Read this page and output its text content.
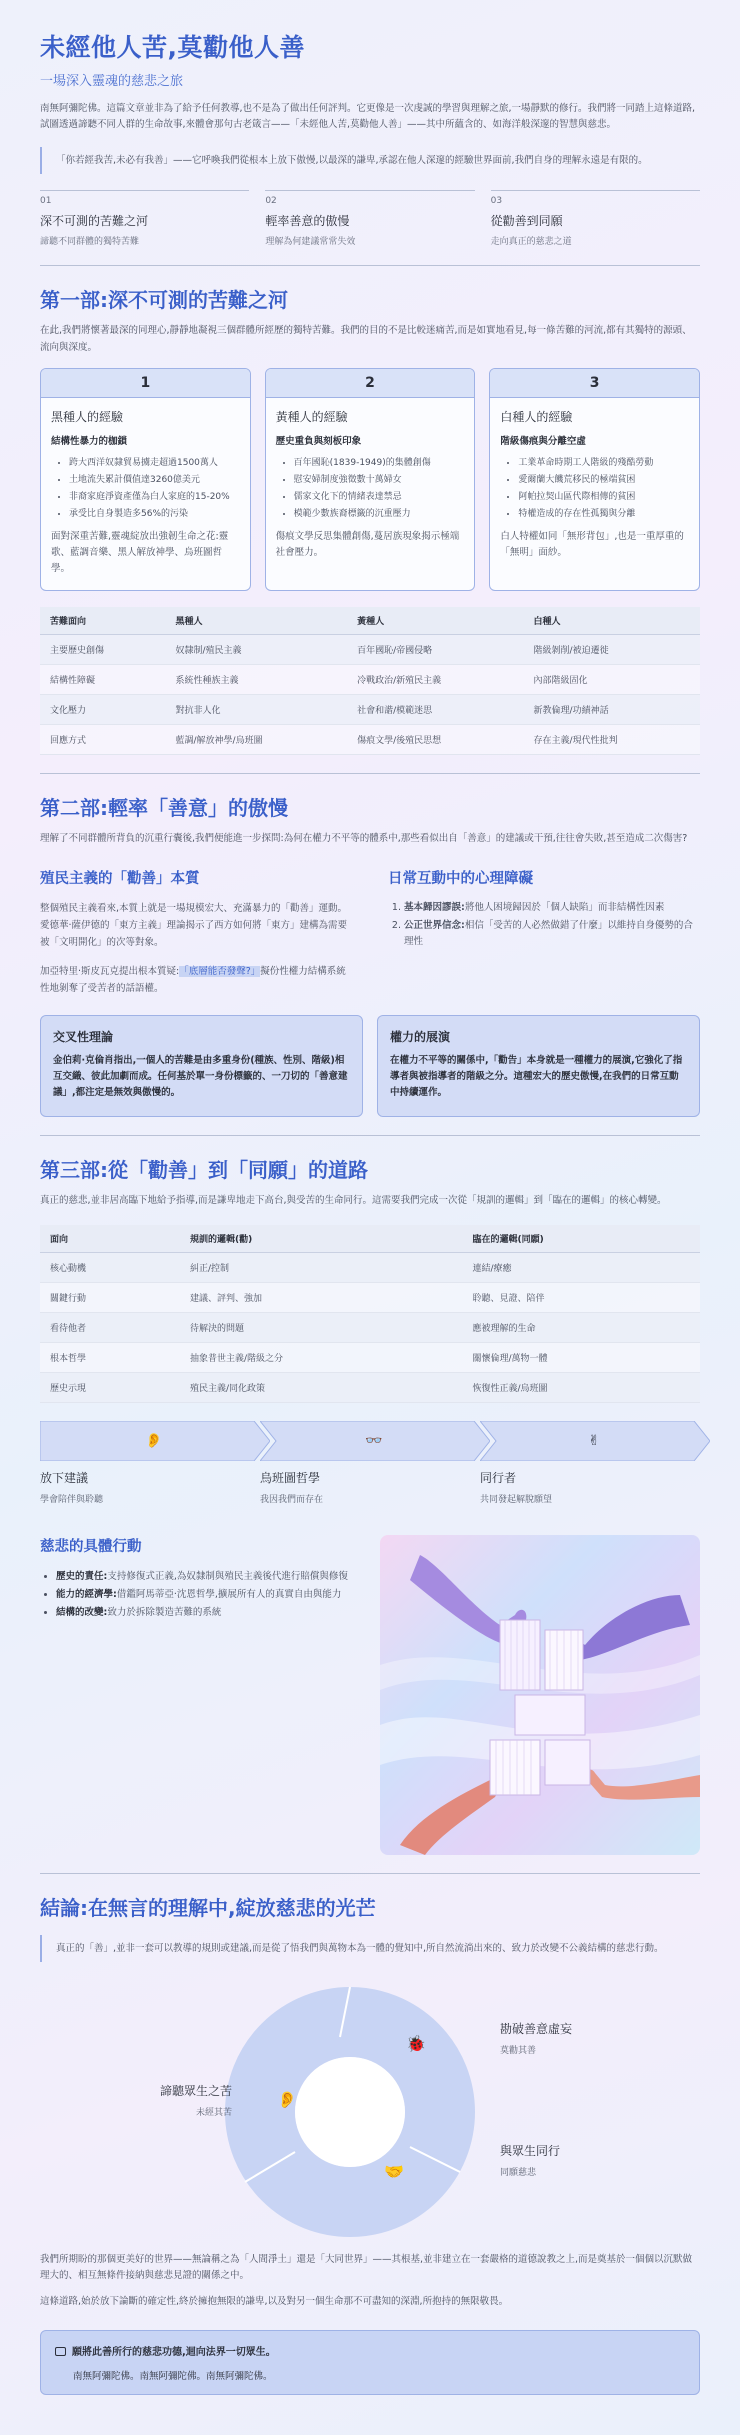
未經他人苦,莫勸他人善
一場深入靈魂的慈悲之旅

南無阿彌陀佛。這篇文章並非為了給予任何教導,也不是為了做出任何評判。它更像是一次虔誠的學習與理解之旅,一場靜默的修行。我們將一同踏上這條道路,試圖透過諦聽不同人群的生命故事,來體會那句古老箴言——「未經他人苦,莫勸他人善」——其中所蘊含的、如海洋般深邃的智慧與慈悲。

「你若經我苦,未必有我善」——它呼喚我們從根本上放下傲慢,以最深的謙卑,承認在他人深邃的經驗世界面前,我們自身的理解永遠是有限的。
01
深不可測的苦難之河
諦聽不同群體的獨特苦難
02
輕率善意的傲慢
理解為何建議常常失效
03
從勸善到同願
走向真正的慈悲之道
第一部:深不可測的苦難之河

在此,我們將懷著最深的同理心,靜靜地凝視三個群體所經歷的獨特苦難。我們的目的不是比較迷痛苦,而是如實地看見,每一條苦難的河流,都有其獨特的源頭、流向與深度。

1
黑種人的經驗
結構性暴力的枷鎖
• 跨大西洋奴隸貿易擄走超過1500萬人
• 土地流失累計價值達3260億美元
• 非裔家庭淨資產僅為白人家庭的15-20%
• 承受比自身製造多56%的污染
面對深重苦難,靈魂綻放出強韌生命之花:靈歌、藍調音樂、黑人解放神學、烏班圖哲學。
2
黃種人的經驗
歷史重負與刻板印象
• 百年國恥(1839-1949)的集體創傷
• 慰安婦制度強徵數十萬婦女
• 儒家文化下的情緒表達禁忌
• 模範少數族裔標籤的沉重壓力
傷痕文學反思集體創傷,蔓居族現象揭示極端社會壓力。
3
白種人的經驗
階級傷痕與分離空虛
• 工業革命時期工人階級的殘酷勞動
• 愛爾蘭大饑荒移民的極端貧困
• 阿帕拉契山區代際相傳的貧困
• 特權造成的存在性孤獨與分離
白人特權如同「無形背包」,也是一重厚重的「無明」面紗。
苦難面向	黑種人	黃種人	白種人
主要歷史創傷	奴隸制/殖民主義	百年國恥/帝國侵略	階級剝削/被迫遷徙
結構性障礙	系統性種族主義	冷戰政治/新殖民主義	內部階級固化
文化壓力	對抗非人化	社會和諧/模範迷思	新教倫理/功績神話
回應方式	藍調/解放神學/烏班圖	傷痕文學/後殖民思想	存在主義/現代性批判
第二部:輕率「善意」的傲慢

理解了不同群體所背負的沉重行囊後,我們便能進一步探問:為何在權力不平等的體系中,那些看似出自「善意」的建議或干預,往往會失敗,甚至造成二次傷害?

殖民主義的「勸善」本質

整個殖民主義看來,本質上就是一場規模宏大、充滿暴力的「勸善」運動。愛德華·薩伊德的「東方主義」理論揭示了西方如何將「東方」建構為需要被「文明開化」的次等對象。

加亞特里·斯皮瓦克提出根本質疑:「底層能否發聲?」擬份性權力結構系統性地剝奪了受苦者的話語權。

日常互動中的心理障礙
1. 基本歸因謬誤:將他人困境歸因於「個人缺陷」而非結構性因素
2. 公正世界信念:相信「受苦的人必然做錯了什麼」以維持自身優勢的合理性
交叉性理論
金伯莉·克倫肖指出,一個人的苦難是由多重身份(種族、性別、階級)相互交織、彼此加劇而成。任何基於單一身份標籤的、一刀切的「善意建議」,都注定是無效與傲慢的。
權力的展演
在權力不平等的關係中,「勸告」本身就是一種權力的展演,它強化了指導者與被指導者的階級之分。這種宏大的歷史傲慢,在我們的日常互動中持續運作。
第三部:從「勸善」到「同願」的道路

真正的慈悲,並非居高臨下地給予指導,而是謙卑地走下高台,與受苦的生命同行。這需要我們完成一次從「規訓的邏輯」到「臨在的邏輯」的核心轉變。

面向	規訓的邏輯(勸)	臨在的邏輯(同願)
核心動機	糾正/控制	連結/療癒
關鍵行動	建議、評判、強加	聆聽、見證、陪伴
看待他者	待解決的問題	應被理解的生命
根本哲學	抽象普世主義/階級之分	關懷倫理/萬物一體
歷史示現	殖民主義/同化政策	恢復性正義/烏班圖
👂	👓	✌
放下建議
學會陪伴與聆聽
烏班圖哲學
我因我們而存在
同行者
共同發起解脫願望
慈悲的具體行動
• 歷史的責任:支持修復式正義,為奴隸制與殖民主義後代進行賠償與修復
• 能力的經濟學:借鑑阿馬蒂亞·沈恩哲學,擴展所有人的真實自由與能力
• 結構的改變:致力於拆除製造苦難的系統
結論:在無言的理解中,綻放慈悲的光芒
真正的「善」,並非一套可以教導的規則或建議,而是從了悟我們與萬物本為一體的覺知中,所自然流淌出來的、致力於改變不公義結構的慈悲行動。
👂
🐞
🤝
諦聽眾生之苦
未經其苦
勘破善意虛妄
莫勸其善
與眾生同行
同願慈悲

我們所期盼的那個更美好的世界——無論稱之為「人間淨土」還是「大同世界」——其根基,並非建立在一套嚴格的道德說教之上,而是奠基於一個個以沉默做理大的、相互無條件接納與慈悲見證的關係之中。

這條道路,始於放下論斷的確定性,終於擁抱無限的謙卑,以及對另一個生命那不可盡知的深淵,所抱持的無限敬畏。

願將此善所行的慈悲功德,迴向法界一切眾生。
南無阿彌陀佛。南無阿彌陀佛。南無阿彌陀佛。
